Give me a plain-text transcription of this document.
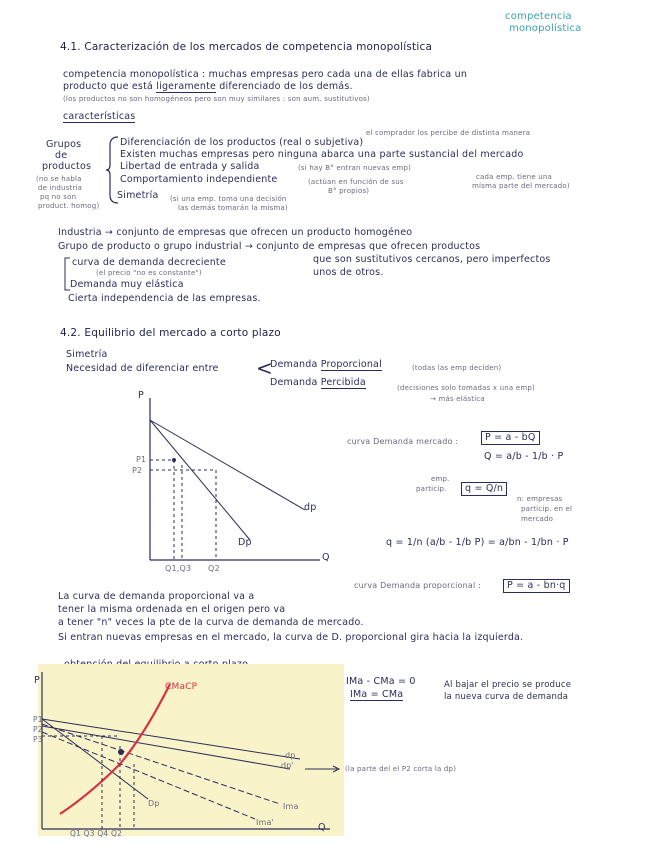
competencia
monopolística
4.1. Caracterización de los mercados de competencia monopolística
competencia monopolística : muchas empresas pero cada una de ellas fabrica un
producto que está ligeramente diferenciado de los demás.
(los productos no son homogéneos pero son muy similares : son aum. sustitutivos)
características
Grupos
de
productos
(no se habla
de industria
pq no son
product. homog)
Diferenciación de los productos (real o subjetiva)
el comprador los percibe de distinta manera
Existen muchas empresas pero ninguna abarca una parte sustancial del mercado
Libertad de entrada y salida	(si hay B° entran nuevas emp)
Comportamiento independiente	(actúan en función de sus
B° propios)
cada emp. tiene una
mísma parte del mercado)
Simetría (si una emp. toma una decisión
las demás tomarán la misma)
Industria → conjunto de empresas que ofrecen un producto homogéneo
Grupo de producto o grupo industrial → conjunto de empresas que ofrecen productos
que son sustitutivos cercanos, pero imperfectos
unos de otros.
curva de demanda decreciente
(el precio "no es constante")
Demanda muy elástica
Cierta independencia de las empresas.
4.2. Equilibrio del mercado a corto plazo
Simetría
Necesidad de diferenciar entre <
Demanda Proporcional	(todas las emp deciden)
Demanda Percibida	(decisiones solo tomadas x una emp)
→ más elástica
P
Q
P1
P2
Q1,Q3 Q2
dp
Dp
curva Demanda mercado :	P = a - bQ
Q = a/b - 1/b · P
emp.
particip.	q = Q/n
n: empresas
particip. en el
mercado
q = 1/n (a/b - 1/b P) = a/bn - 1/bn · P
curva Demanda proporcional :	P = a - bn·q
La curva de demanda proporcional va a
tener la misma ordenada en el origen pero va
a tener "n" veces la pte de la curva de demanda de mercado.
Si entran nuevas empresas en el mercado, la curva de D. proporcional gira hacia la izquierda.
P
Q
CMaCP
P1
P2
P3
dp
dp'
Dp	Ima
Ima'
Q1 Q3 Q4 Q2
IMa - CMa = 0
IMa = CMa
Al bajar el precio se produce
la nueva curva de demanda
(la parte del el P2 corta la dp)
